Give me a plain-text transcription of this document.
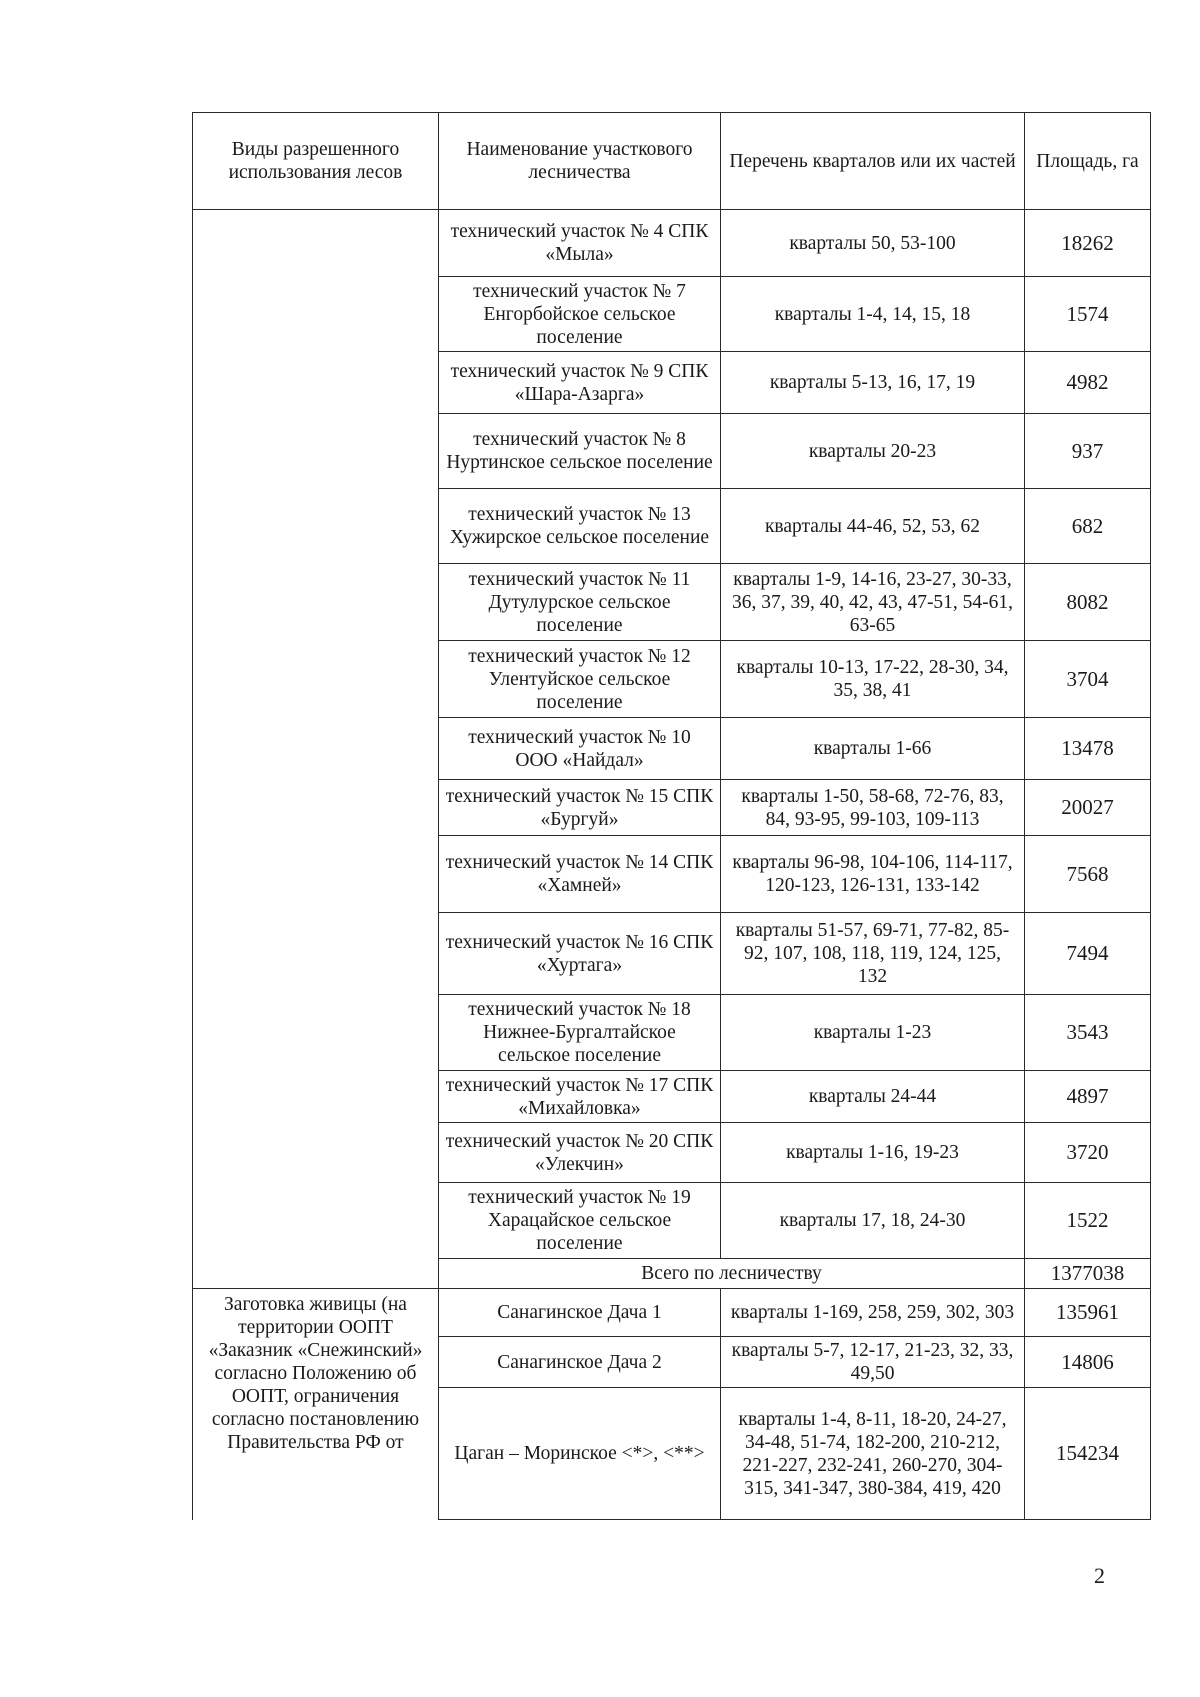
Виды разрешенного использования лесов	Наименование участкового лесничества	Перечень кварталов или их частей	Площадь, га
	технический участок № 4 СПК «Мыла»	кварталы 50, 53-100	18262
	технический участок № 7 Енгорбойское сельское поселение	кварталы 1-4, 14, 15, 18	1574
	технический участок № 9 СПК «Шара-Азарга»	кварталы 5-13, 16, 17, 19	4982
	технический участок № 8 Нуртинское сельское поселение	кварталы 20-23	937
	технический участок № 13 Хужирское сельское поселение	кварталы 44-46, 52, 53, 62	682
	технический участок № 11 Дутулурское сельское поселение	кварталы 1-9, 14-16, 23-27, 30-33, 36, 37, 39, 40, 42, 43, 47-51, 54-61, 63-65	8082
	технический участок № 12 Улентуйское сельское поселение	кварталы 10-13, 17-22, 28-30, 34, 35, 38, 41	3704
	технический участок № 10 ООО «Найдал»	кварталы 1-66	13478
	технический участок № 15 СПК «Бургуй»	кварталы 1-50, 58-68, 72-76, 83, 84, 93-95, 99-103, 109-113	20027
	технический участок № 14 СПК «Хамней»	кварталы 96-98, 104-106, 114-117, 120-123, 126-131, 133-142	7568
	технический участок № 16 СПК «Хуртага»	кварталы 51-57, 69-71, 77-82, 85-92, 107, 108, 118, 119, 124, 125, 132	7494
	технический участок № 18 Нижнее-Бургалтайское сельское поселение	кварталы 1-23	3543
	технический участок № 17 СПК «Михайловка»	кварталы 24-44	4897
	технический участок № 20 СПК «Улекчин»	кварталы 1-16, 19-23	3720
	технический участок № 19 Харацайское сельское поселение	кварталы 17, 18, 24-30	1522
	Всего по лесничеству		1377038
Заготовка живицы (на территории ООПТ «Заказник «Снежинский» согласно Положению об ООПТ, ограничения согласно постановлению Правительства РФ от	Санагинское Дача 1	кварталы 1-169, 258, 259, 302, 303	135961
	Санагинское Дача 2	кварталы 5-7, 12-17, 21-23, 32, 33, 49,50	14806
	Цаган – Моринское <*>, <**>	кварталы 1-4, 8-11, 18-20, 24-27, 34-48, 51-74, 182-200, 210-212, 221-227, 232-241, 260-270, 304-315, 341-347, 380-384, 419, 420	154234
2
